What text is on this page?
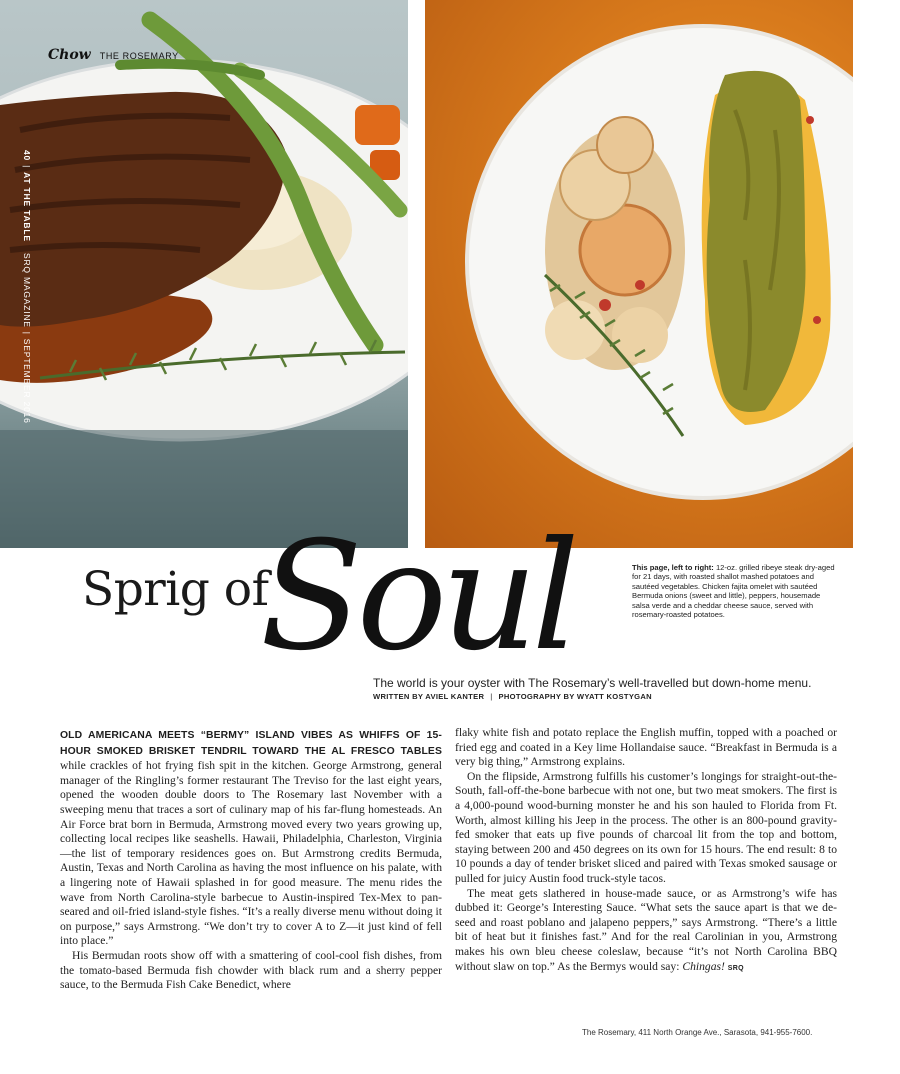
Chow THE ROSEMARY
40|AT THE TABLE SRQ MAGAZINE|SEPTEMBER 2016
Sprig of
Soul	This page, left to right: 12-oz. grilled ribeye steak dry-aged for 21 days, with roasted shallot mashed potatoes and sautéed vegetables. Chicken fajita omelet with sautéed Bermuda onions (sweet and little), peppers, housemade salsa verde and a cheddar cheese sauce, served with rosemary-roasted potatoes.
The world is your oyster with The Rosemary’s well-travelled but down-home menu.
WRITTEN BY AVIEL KANTER | PHOTOGRAPHY BY WYATT KOSTYGAN

OLD AMERICANA MEETS “BERMY” ISLAND VIBES AS WHIFFS OF 15-HOUR SMOKED BRISKET TENDRIL TOWARD THE AL FRESCO TABLES while crackles of hot frying fish spit in the kitchen. George Armstrong, general manager of the Ringling’s former restaurant The Treviso for the last eight years, opened the wooden double doors to The Rosemary last November with a sweeping menu that traces a sort of culinary map of his far-flung homesteads. An Air Force brat born in Bermuda, Armstrong moved every two years growing up, collecting local recipes like seashells. Hawaii, Philadelphia, Charleston, Virginia—the list of temporary residences goes on. But Armstrong credits Bermuda, Austin, Texas and North Carolina as having the most influence on his palate, with a lingering note of Hawaii splashed in for good measure. The menu rides the wave from North Carolina-style barbecue to Austin-inspired Tex-Mex to pan-seared and oil-fried island-style fishes. “It’s a really diverse menu without doing it on purpose,” says Armstrong. “We don’t try to cover A to Z—it just kind of fell into place.”

His Bermudan roots show off with a smattering of cool-cool fish dishes, from the tomato-based Bermuda fish chowder with black rum and a sherry pepper sauce, to the Bermuda Fish Cake Benedict, where

flaky white fish and potato replace the English muffin, topped with a poached or fried egg and coated in a Key lime Hollandaise sauce. “Breakfast in Bermuda is a very big thing,” Armstrong explains.

On the flipside, Armstrong fulfills his customer’s longings for straight-out-the-South, fall-off-the-bone barbecue with not one, but two meat smokers. The first is a 4,000-pound wood-burning monster he and his son hauled to Florida from Ft. Worth, almost killing his Jeep in the process. The other is an 800-pound gravity-fed smoker that eats up five pounds of charcoal lit from the top and bottom, staying between 200 and 450 degrees on its own for 15 hours. The end result: 8 to 10 pounds a day of tender brisket sliced and paired with Texas smoked sausage or pulled for juicy Austin food truck-style tacos.

The meat gets slathered in house-made sauce, or as Armstrong’s wife has dubbed it: George’s Interesting Sauce. “What sets the sauce apart is that we de-seed and roast poblano and jalapeno peppers,” says Armstrong. “There’s a little bit of heat but it finishes fast.” And for the real Carolinian in you, Armstrong makes his own bleu cheese coleslaw, because “it’s not North Carolina BBQ without slaw on top.” As the Bermys would say: Chingas! SRQ

The Rosemary, 411 North Orange Ave., Sarasota, 941-955-7600.
